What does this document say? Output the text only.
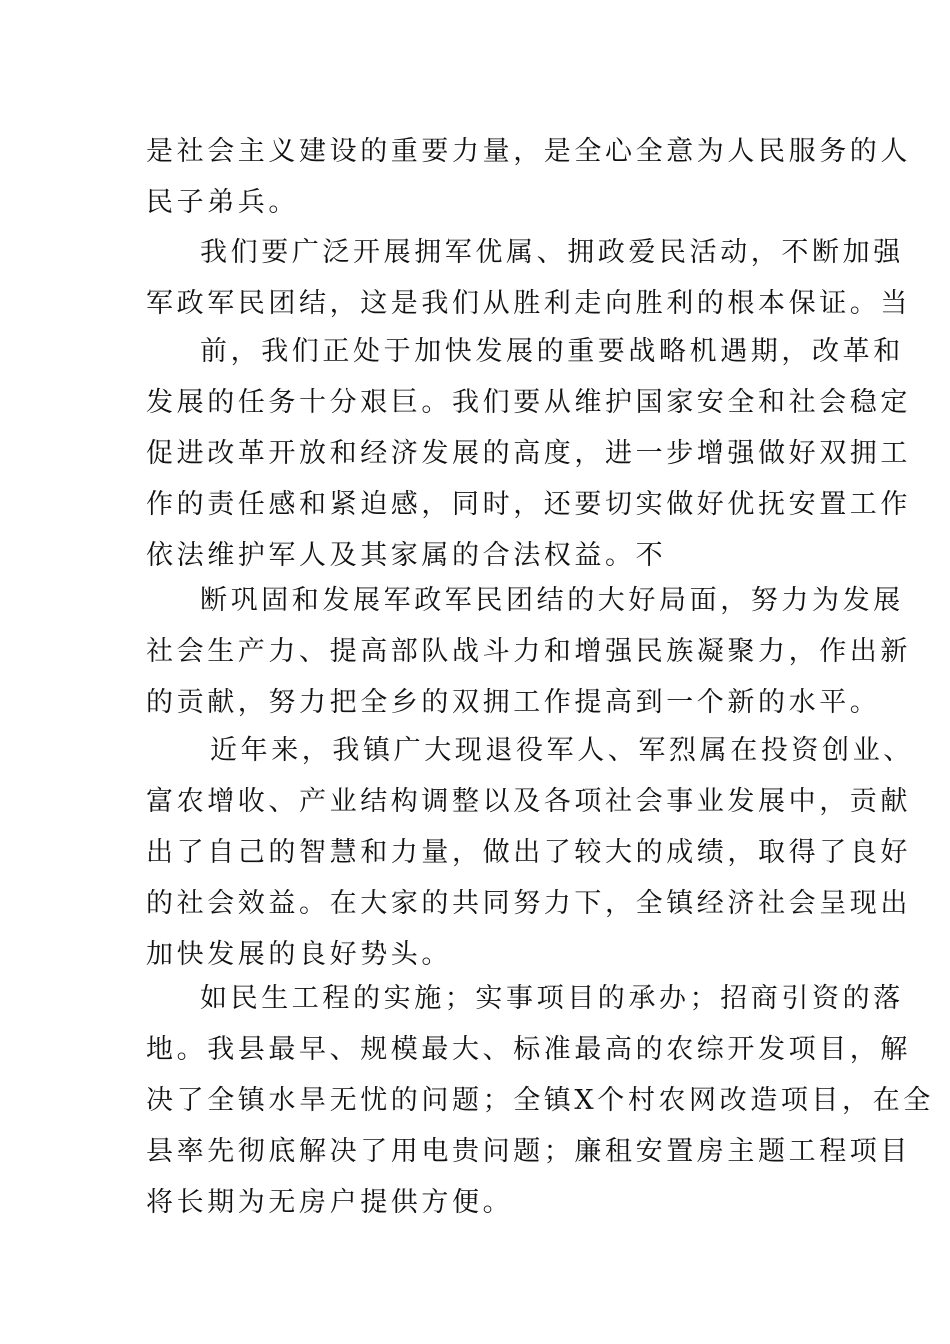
是社会主义建设的重要力量，是全心全意为人民服务的人
民子弟兵。
我们要广泛开展拥军优属、拥政爱民活动，不断加强
军政军民团结，这是我们从胜利走向胜利的根本保证。当
前，我们正处于加快发展的重要战略机遇期，改革和
发展的任务十分艰巨。我们要从维护国家安全和社会稳定
促进改革开放和经济发展的高度，进一步增强做好双拥工
作的责任感和紧迫感，同时，还要切实做好优抚安置工作
依法维护军人及其家属的合法权益。不
断巩固和发展军政军民团结的大好局面，努力为发展
社会生产力、提高部队战斗力和增强民族凝聚力，作出新
的贡献，努力把全乡的双拥工作提高到一个新的水平。
近年来，我镇广大现退役军人、军烈属在投资创业、
富农增收、产业结构调整以及各项社会事业发展中，贡献
出了自己的智慧和力量，做出了较大的成绩，取得了良好
的社会效益。在大家的共同努力下，全镇经济社会呈现出
加快发展的良好势头。
如民生工程的实施；实事项目的承办；招商引资的落
地。我县最早、规模最大、标准最高的农综开发项目，解
决了全镇水旱无忧的问题；全镇X个村农网改造项目，在全
县率先彻底解决了用电贵问题；廉租安置房主题工程项目
将长期为无房户提供方便。
